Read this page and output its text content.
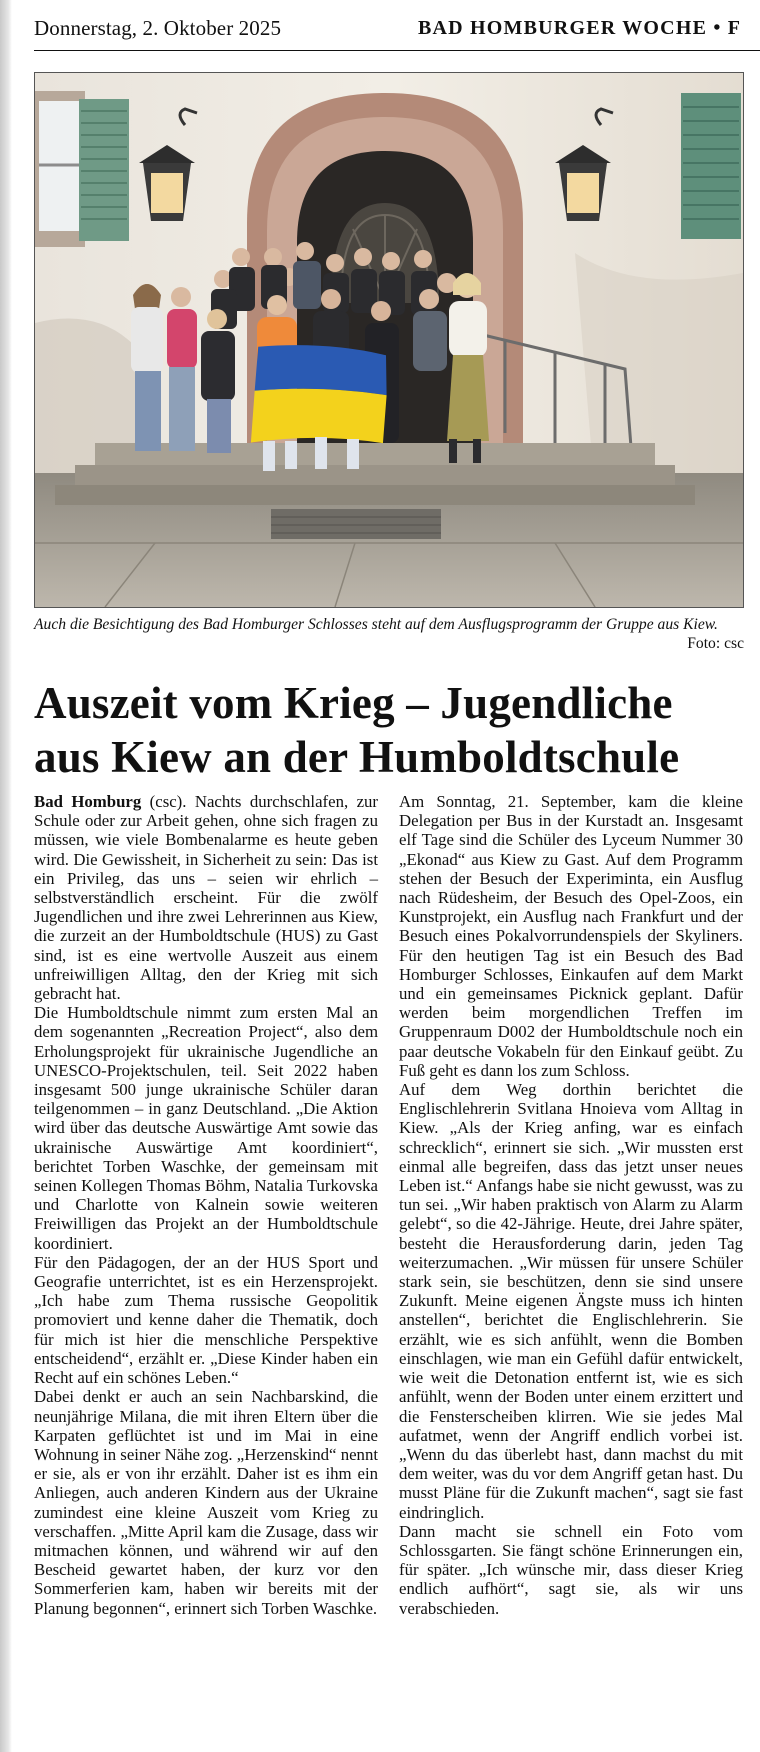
Donnerstag, 2. Oktober 2025	BAD HOMBURGER WOCHE • F
Auch die Besichtigung des Bad Homburger Schlosses steht auf dem Ausflugsprogramm der Gruppe aus Kiew.
Foto: csc
Auszeit vom Krieg – Jugendliche
aus Kiew an der Humboldtschule

Bad Homburg (csc). Nachts durchschlafen, zur Schule oder zur Arbeit gehen, ohne sich fragen zu müssen, wie viele Bombenalarme es heute geben wird. Die Gewissheit, in Sicherheit zu sein: Das ist ein Privileg, das uns – seien wir ehrlich – selbstverständlich erscheint. Für die zwölf Jugendlichen und ihre zwei Lehrerinnen aus Kiew, die zurzeit an der Humboldtschule (HUS) zu Gast sind, ist es eine wertvolle Auszeit aus einem unfreiwilligen Alltag, den der Krieg mit sich gebracht hat.

Die Humboldtschule nimmt zum ersten Mal an dem sogenannten „Recreation Project“, also dem Erholungsprojekt für ukrainische Jugendliche an UNESCO-Projektschulen, teil. Seit 2022 haben insgesamt 500 junge ukrainische Schüler daran teilgenommen – in ganz Deutschland. „Die Aktion wird über das deutsche Auswärtige Amt sowie das ukrainische Auswärtige Amt koordiniert“, berichtet Torben Waschke, der gemeinsam mit seinen Kollegen Thomas Böhm, Natalia Turkovska und Charlotte von Kalnein sowie weiteren Freiwilligen das Projekt an der Humboldtschule koordiniert.

Für den Pädagogen, der an der HUS Sport und Geografie unterrichtet, ist es ein Herzensprojekt. „Ich habe zum Thema russische Geopolitik promoviert und kenne daher die Thematik, doch für mich ist hier die menschliche Perspektive entscheidend“, erzählt er. „Diese Kinder haben ein Recht auf ein schönes Leben.“

Dabei denkt er auch an sein Nachbarskind, die neunjährige Milana, die mit ihren Eltern über die Karpaten geflüchtet ist und im Mai in eine Wohnung in seiner Nähe zog. „Herzenskind“ nennt er sie, als er von ihr erzählt. Daher ist es ihm ein Anliegen, auch anderen Kindern aus der Ukraine zumindest eine kleine Auszeit vom Krieg zu verschaffen. „Mitte April kam die Zusage, dass wir mitmachen können, und während wir auf den Bescheid gewartet haben, der kurz vor den Sommerferien kam, haben wir bereits mit der Planung begonnen“, erinnert sich Torben Waschke.

Am Sonntag, 21. September, kam die kleine Delegation per Bus in der Kurstadt an. Insgesamt elf Tage sind die Schüler des Lyceum Nummer 30 „Ekonad“ aus Kiew zu Gast. Auf dem Programm stehen der Besuch der Experiminta, ein Ausflug nach Rüdesheim, der Besuch des Opel-Zoos, ein Kunstprojekt, ein Ausflug nach Frankfurt und der Besuch eines Pokalvorrundenspiels der Skyliners. Für den heutigen Tag ist ein Besuch des Bad Homburger Schlosses, Einkaufen auf dem Markt und ein gemeinsames Picknick geplant. Dafür werden beim morgendlichen Treffen im Gruppenraum D002 der Humboldtschule noch ein paar deutsche Vokabeln für den Einkauf geübt. Zu Fuß geht es dann los zum Schloss.

Auf dem Weg dorthin berichtet die Englischlehrerin Svitlana Hnoieva vom Alltag in Kiew. „Als der Krieg anfing, war es einfach schrecklich“, erinnert sie sich. „Wir mussten erst einmal alle begreifen, dass das jetzt unser neues Leben ist.“ Anfangs habe sie nicht gewusst, was zu tun sei. „Wir haben praktisch von Alarm zu Alarm gelebt“, so die 42-Jährige. Heute, drei Jahre später, besteht die Herausforderung darin, jeden Tag weiterzumachen. „Wir müssen für unsere Schüler stark sein, sie beschützen, denn sie sind unsere Zukunft. Meine eigenen Ängste muss ich hinten anstellen“, berichtet die Englischlehrerin. Sie erzählt, wie es sich anfühlt, wenn die Bomben einschlagen, wie man ein Gefühl dafür entwickelt, wie weit die Detonation entfernt ist, wie es sich anfühlt, wenn der Boden unter einem erzittert und die Fensterscheiben klirren. Wie sie jedes Mal aufatmet, wenn der Angriff endlich vorbei ist. „Wenn du das überlebt hast, dann machst du mit dem weiter, was du vor dem Angriff getan hast. Du musst Pläne für die Zukunft machen“, sagt sie fast eindringlich.

Dann macht sie schnell ein Foto vom Schlossgarten. Sie fängt schöne Erinnerungen ein, für später. „Ich wünsche mir, dass dieser Krieg endlich aufhört“, sagt sie, als wir uns verabschieden.
